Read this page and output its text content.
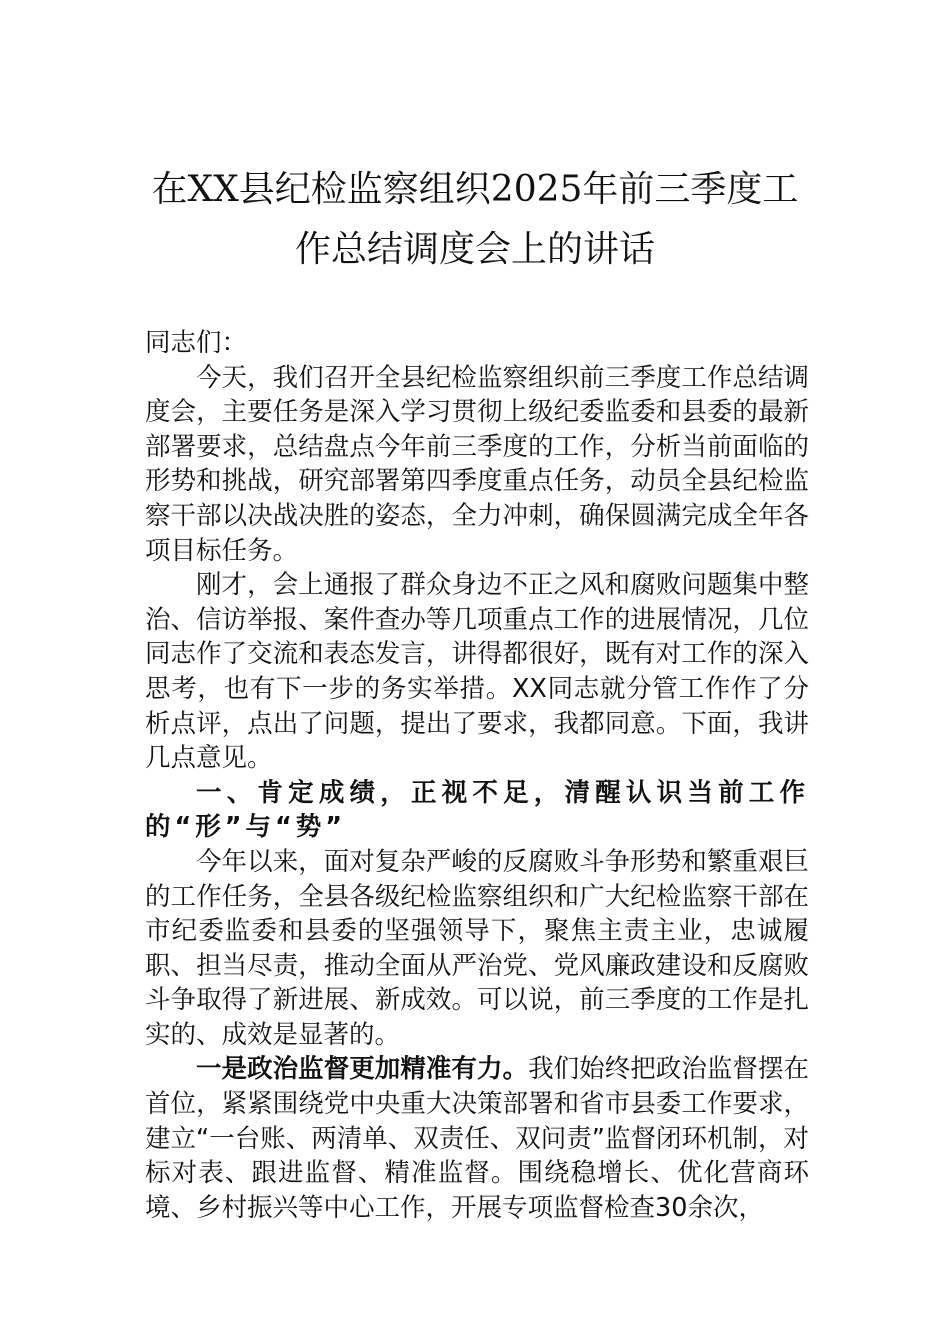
在XX县纪检监察组织2025年前三季度工
作总结调度会上的讲话

同志们：

今天，我们召开全县纪检监察组织前三季度工作总结调度会，主要任务是深入学习贯彻上级纪委监委和县委的最新部署要求，总结盘点今年前三季度的工作，分析当前面临的形势和挑战，研究部署第四季度重点任务，动员全县纪检监察干部以决战决胜的姿态，全力冲刺，确保圆满完成全年各项目标任务。

刚才，会上通报了群众身边不正之风和腐败问题集中整治、信访举报、案件查办等几项重点工作的进展情况，几位同志作了交流和表态发言，讲得都很好，既有对工作的深入思考，也有下一步的务实举措。XX同志就分管工作作了分析点评，点出了问题，提出了要求，我都同意。下面，我讲几点意见。

一、肯定成绩，正视不足，清醒认识当前工作的“形”与“势”

今年以来，面对复杂严峻的反腐败斗争形势和繁重艰巨的工作任务，全县各级纪检监察组织和广大纪检监察干部在市纪委监委和县委的坚强领导下，聚焦主责主业，忠诚履职、担当尽责，推动全面从严治党、党风廉政建设和反腐败斗争取得了新进展、新成效。可以说，前三季度的工作是扎实的、成效是显著的。

一是政治监督更加精准有力。我们始终把政治监督摆在首位，紧紧围绕党中央重大决策部署和省市县委工作要求，建立“一台账、两清单、双责任、双问责”监督闭环机制，对标对表、跟进监督、精准监督。围绕稳增长、优化营商环境、乡村振兴等中心工作，开展专项监督检查30余次，
